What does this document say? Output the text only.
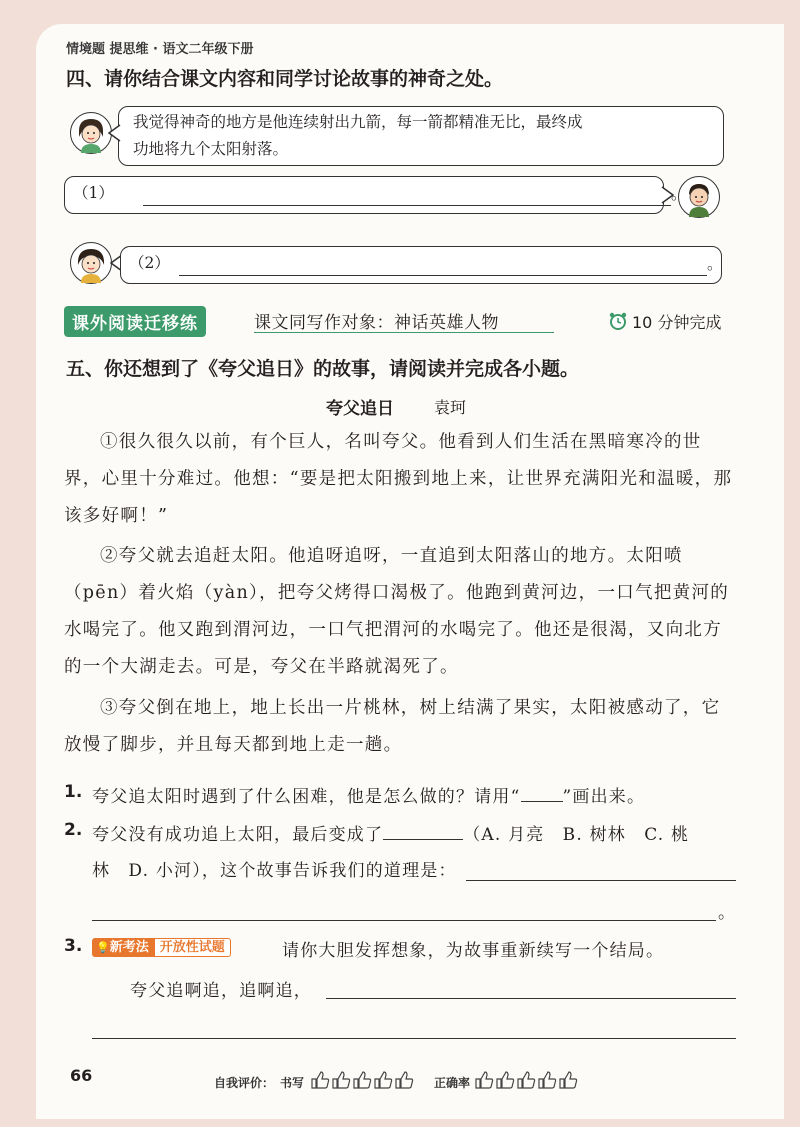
情境题 提思维 · 语文二年级下册
四、请你结合课文内容和同学讨论故事的神奇之处。
我觉得神奇的地方是他连续射出九箭，每一箭都精准无比，最终成
功地将九个太阳射落。
（1）
（2）	。
课外阅读迁移练	课文同写作对象：神话英雄人物	10 分钟完成
五、你还想到了《夸父追日》的故事，请阅读并完成各小题。
夸父追日	袁珂
①很久很久以前，有个巨人，名叫夸父。他看到人们生活在黑暗寒冷的世界，心里十分难过。他想：“要是把太阳搬到地上来，让世界充满阳光和温暖，那该多好啊！”
②夸父就去追赶太阳。他追呀追呀，一直追到太阳落山的地方。太阳喷（pēn）着火焰（yàn），把夸父烤得口渴极了。他跑到黄河边，一口气把黄河的水喝完了。他又跑到渭河边，一口气把渭河的水喝完了。他还是很渴，又向北方的一个大湖走去。可是，夸父在半路就渴死了。
③夸父倒在地上，地上长出一片桃林，树上结满了果实，太阳被感动了，它放慢了脚步，并且每天都到地上走一趟。
1. 夸父追太阳时遇到了什么困难，他是怎么做的？请用“ ”画出来。
2. 夸父没有成功追上太阳，最后变成了	（A. 月亮　B. 树林　C. 桃
林　D. 小河），这个故事告诉我们的道理是：
。
3.	💡新考法 开放性试题	请你大胆发挥想象，为故事重新续写一个结局。
夸父追啊追，追啊追，
66	自我评价： 书写	正确率
